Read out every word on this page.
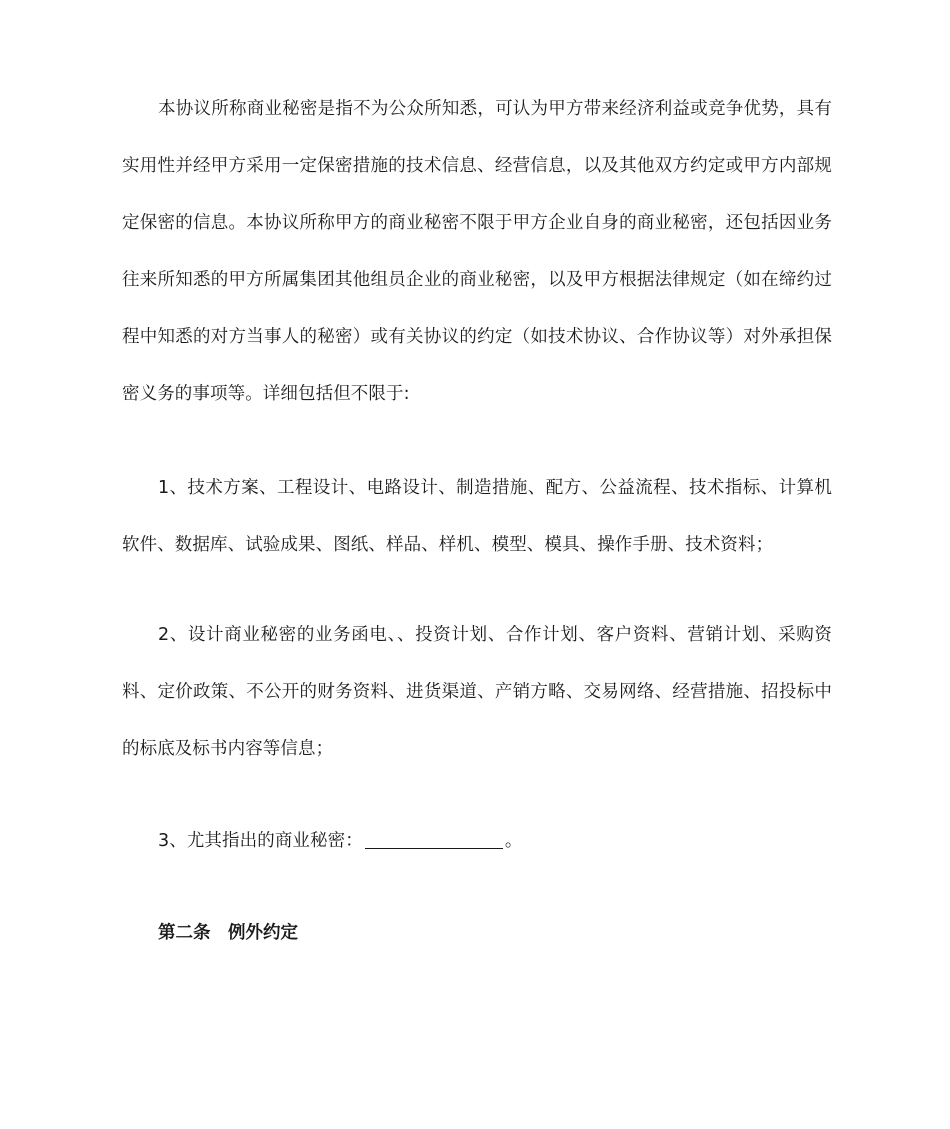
本协议所称商业秘密是指不为公众所知悉，可认为甲方带来经济利益或竞争优势，具有实用性并经甲方采用一定保密措施的技术信息、经营信息，以及其他双方约定或甲方内部规定保密的信息。本协议所称甲方的商业秘密不限于甲方企业自身的商业秘密，还包括因业务往来所知悉的甲方所属集团其他组员企业的商业秘密，以及甲方根据法律规定（如在缔约过程中知悉的对方当事人的秘密）或有关协议的约定（如技术协议、合作协议等）对外承担保密义务的事项等。详细包括但不限于:

1、技术方案、工程设计、电路设计、制造措施、配方、公益流程、技术指标、计算机软件、数据库、试验成果、图纸、样品、样机、模型、模具、操作手册、技术资料；

2、设计商业秘密的业务函电、、投资计划、合作计划、客户资料、营销计划、采购资料、定价政策、不公开的财务资料、进货渠道、产销方略、交易网络、经营措施、招投标中的标底及标书内容等信息；

3、尤其指出的商业秘密：	。

第二条　例外约定
